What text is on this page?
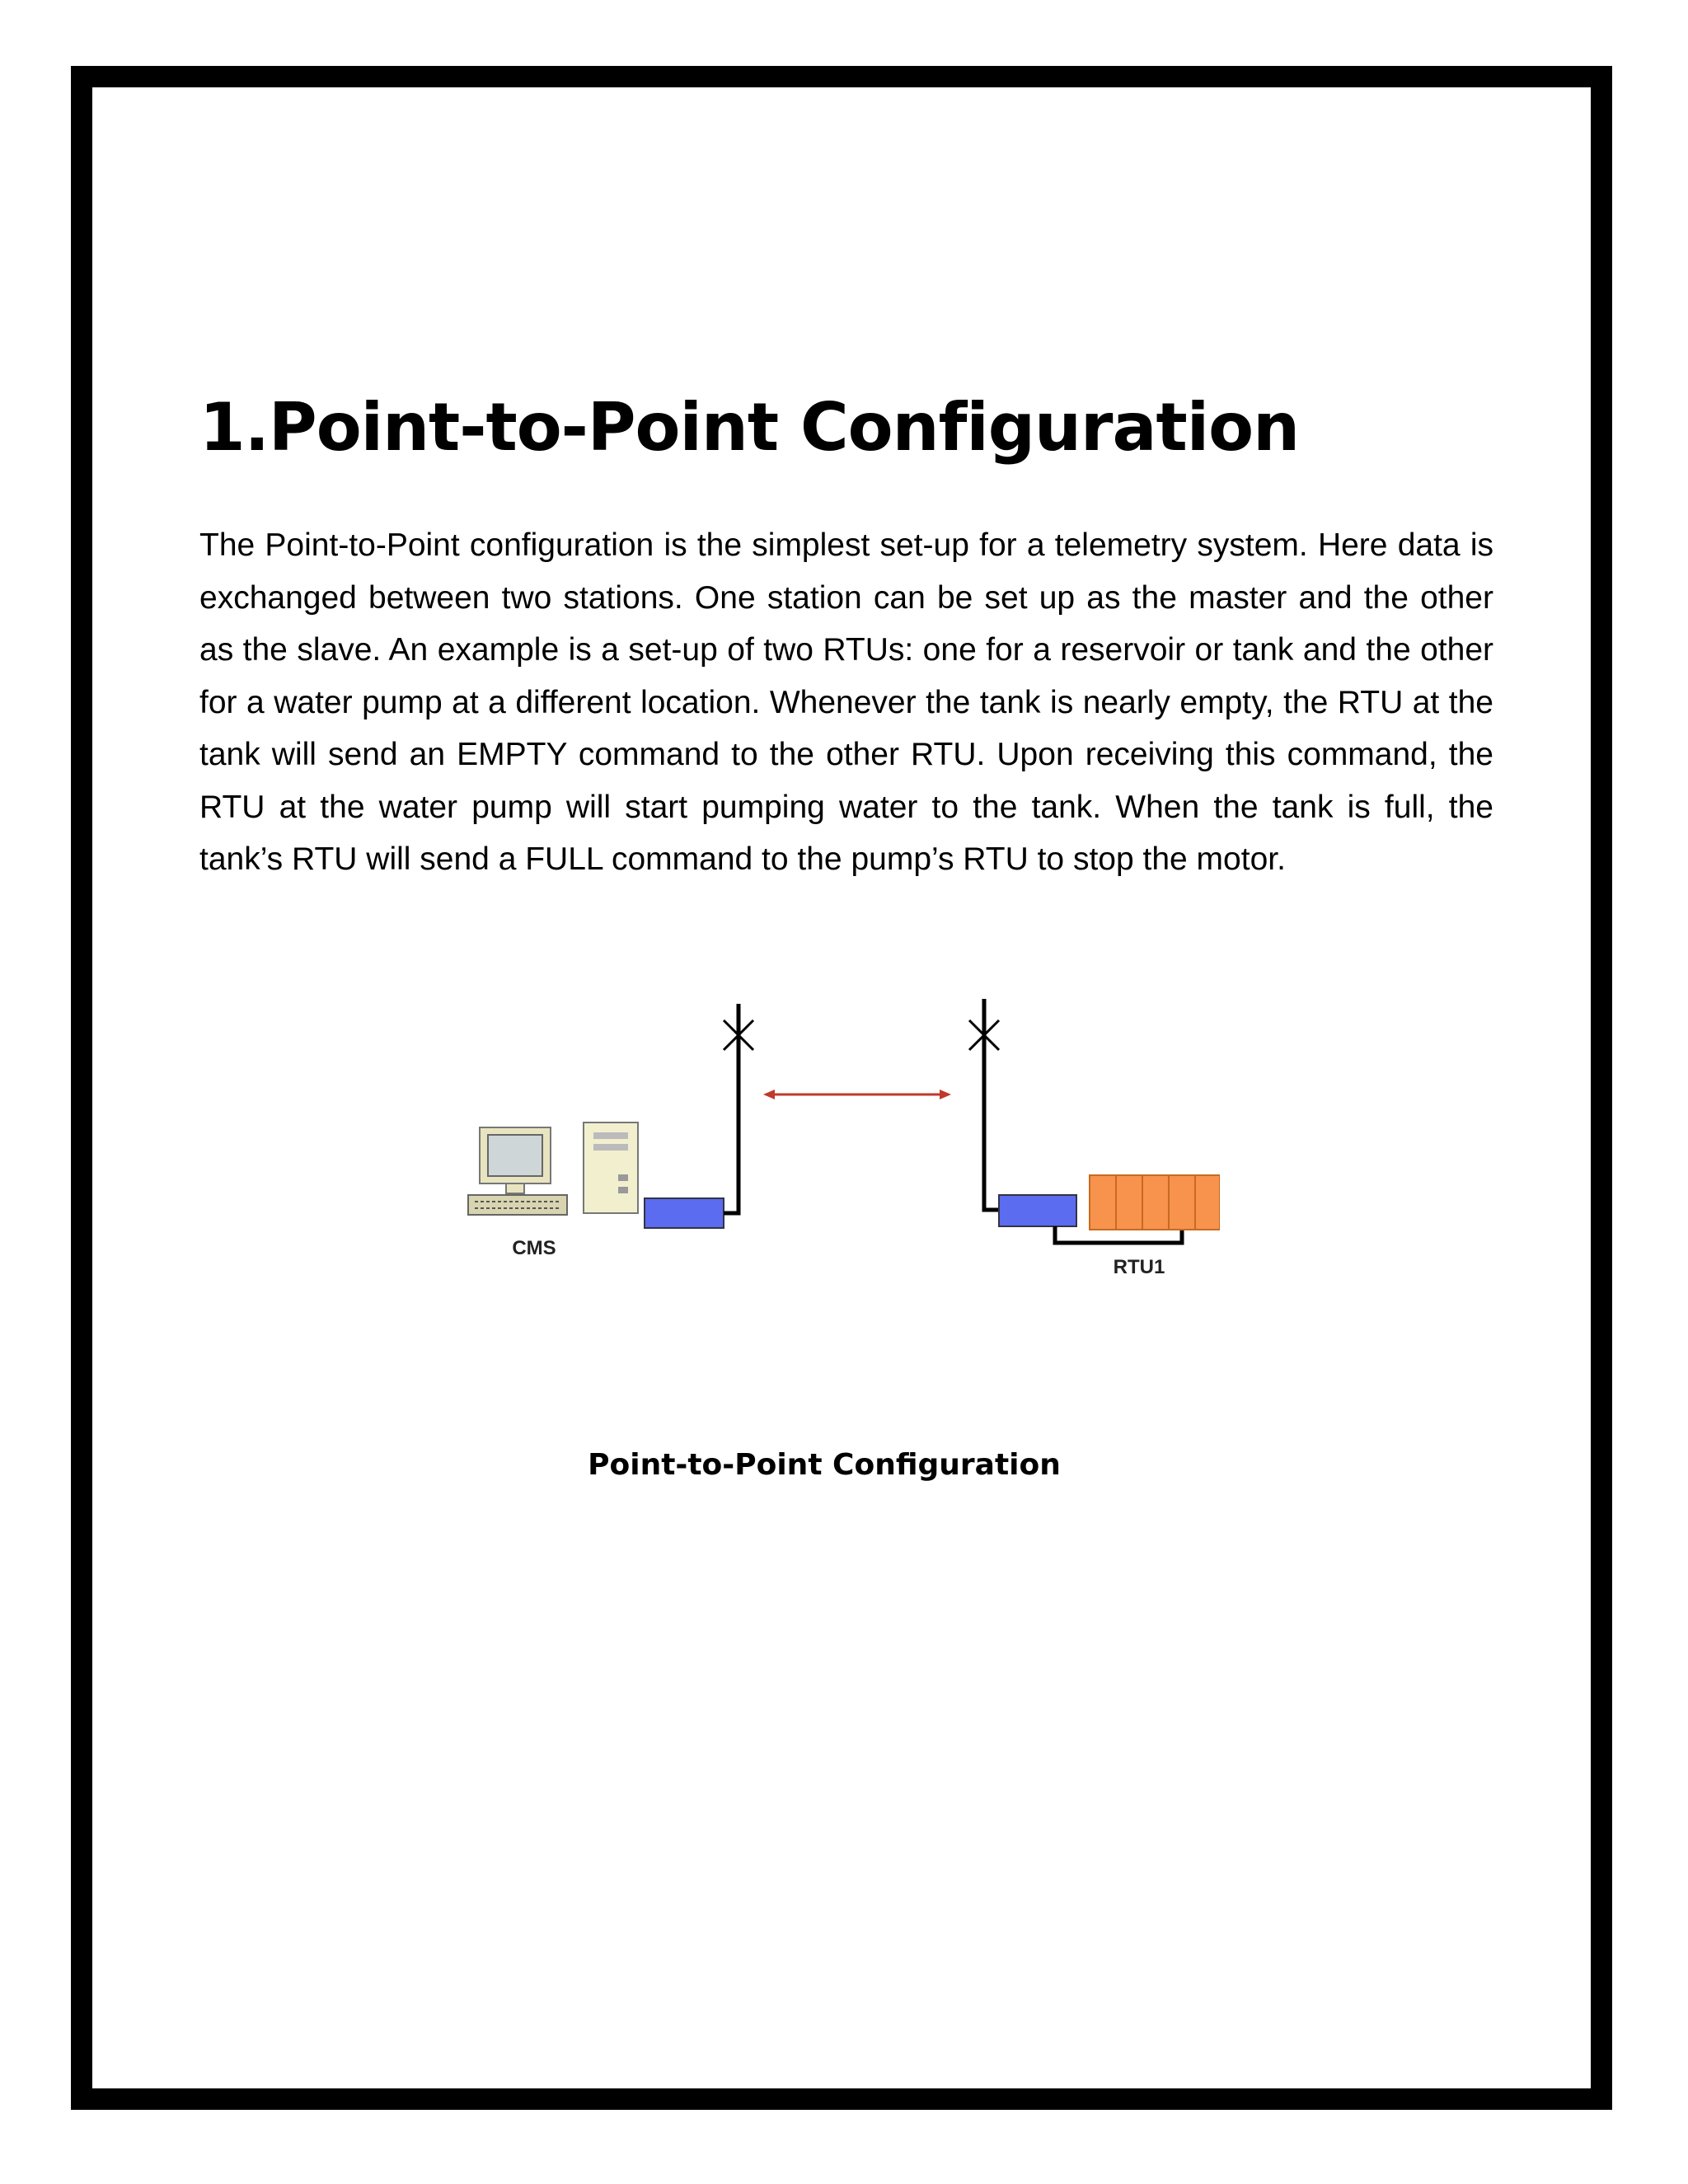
1.Point-to-Point Configuration

The Point-to-Point configuration is the simplest set-up for a telemetry system. Here data is exchanged between two stations. One station can be set up as the master and the other as the slave. An example is a set-up of two RTUs: one for a reservoir or tank and the other for a water pump at a different location. Whenever the tank is nearly empty, the RTU at the tank will send an EMPTY command to the other RTU. Upon receiving this command, the RTU at the water pump will start pumping water to the tank. When the tank is full, the tank’s RTU will send a FULL command to the pump’s RTU to stop the motor.

CMS
RTU1

Point-to-Point Configuration
